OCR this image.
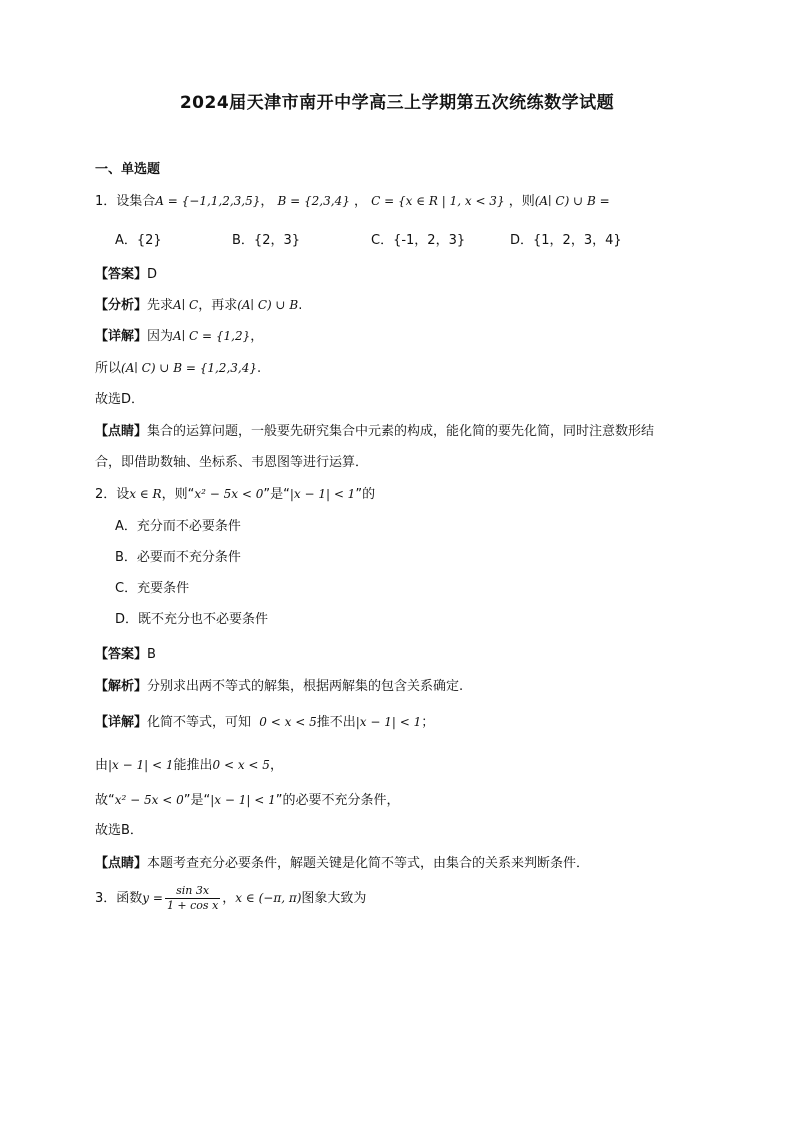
2024届天津市南开中学高三上学期第五次统练数学试题
一、单选题
1．设集合A = {−1,1,2,3,5}， B = {2,3,4} ， C = {x ∈ R | 1, x < 3} ，则(A∣ C) ∪ B =
A．{2}	B．{2，3}	C．{-1，2，3}	D．{1，2，3，4}
【答案】D
【分析】先求A∣ C，再求(A∣ C) ∪ B.
【详解】因为A∣ C = {1,2}，
所以(A∣ C) ∪ B = {1,2,3,4}.
故选D．
【点睛】集合的运算问题，一般要先研究集合中元素的构成，能化简的要先化简，同时注意数形结
合，即借助数轴、坐标系、韦恩图等进行运算．
2．设x ∈ R，则“x² − 5x < 0”是“|x − 1| < 1”的
A．充分而不必要条件
B．必要而不充分条件
C．充要条件
D．既不充分也不必要条件
【答案】B
【解析】分别求出两不等式的解集，根据两解集的包含关系确定.
【详解】化简不等式，可知 0 < x < 5推不出|x − 1| < 1；
由|x − 1| < 1能推出0 < x < 5，
故“x² − 5x < 0”是“|x − 1| < 1”的必要不充分条件，
故选B．
【点睛】本题考查充分必要条件，解题关键是化简不等式，由集合的关系来判断条件．
3．函数$y = \frac{\sin 3x}{\text{1 + cos x}}$ ，x ∈ (−π, π)图象大致为
